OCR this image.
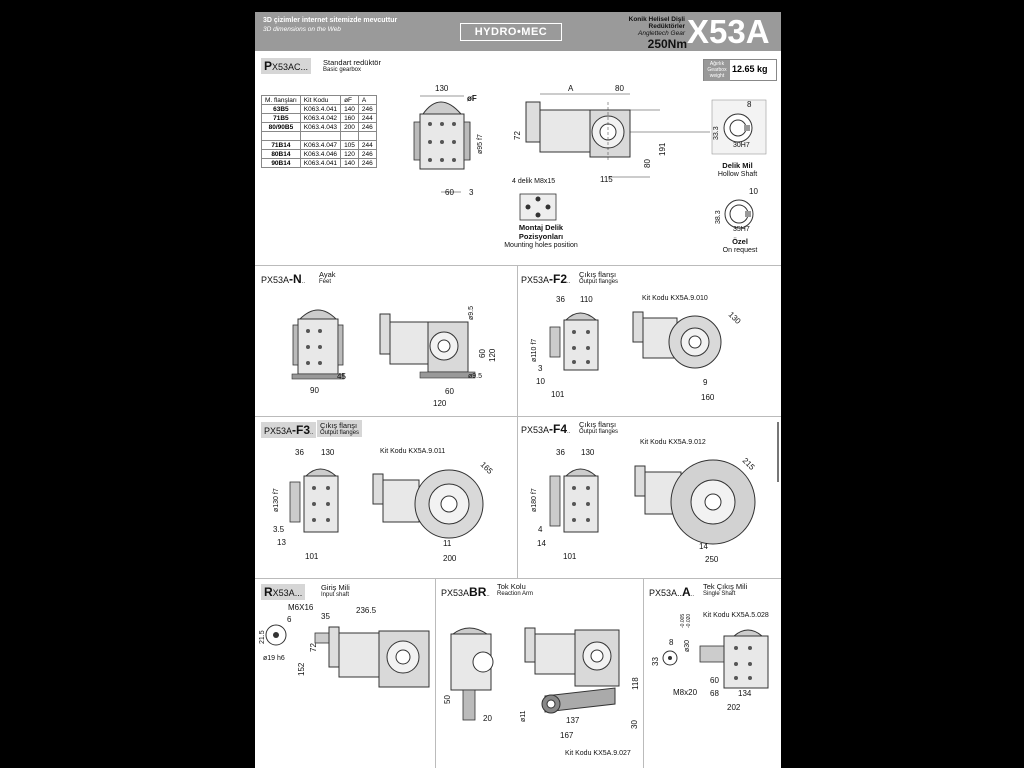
3D çizimler internet sitemizde mevcuttur
3D dimensions on the Web	HYDRO•MEC
Konik Helisel Dişli
Redüktörler
Anglettech Gear
250Nm X53A
PX53AC...	Standart redüktör
Basic gearbox
Ağırlık Gearbox weight
12.65 kg
M. flanşları	Kit Kodu	øF	A
63B5	K063.4.041	140	246
71B5	K063.4.042	160	244
80/90B5	K063.4.043	200	246

71B14	K063.4.047	105	244
80B14	K063.4.046	120	246
90B14	K063.4.041	140	246
130
øF
ø95 f7
60 3
A	80
72
191
80
115
4 delik M8x15
Montaj Delik Pozisyonları
Mounting holes position
8
33.3
30H7
Delik Mil
Hollow Shaft
10
38.3
35H7
Özel
On request
PX53A-N..
Ayak
Feet
45
90
ø9.5
60 120
ø9.5
60
120
PX53A-F2..
Çıkış flanşı
Output flanges
36 110
ø110 f7
3
10
101
Kit Kodu KX5A.9.010
130
9
160
PX53A-F3..
Çıkış flanşı
Output flanges
36 130
ø130 f7
3.5
13
101
Kit Kodu KX5A.9.011
165
11
200
PX53A-F4..
Çıkış flanşı
Output flanges
36 130
ø180 f7
4
14
101
Kit Kodu KX5A.9.012
215
14
250
RX53A...
Giriş Mili
Input shaft
M6X16
35
236.5
6
21.5
ø19 h6
72
152
PX53ABR..
Tok Kolu
Reaction Arm
50
20	ø11
118
137
167
30
Kit Kodu KX5A.9.027
PX53A..A..
Tek Çıkış Mili
Single Shaft
Kit Kodu KX5A.5.028
-0.005 -0.020
ø30
8
33
60
M8x20 68 134
202
